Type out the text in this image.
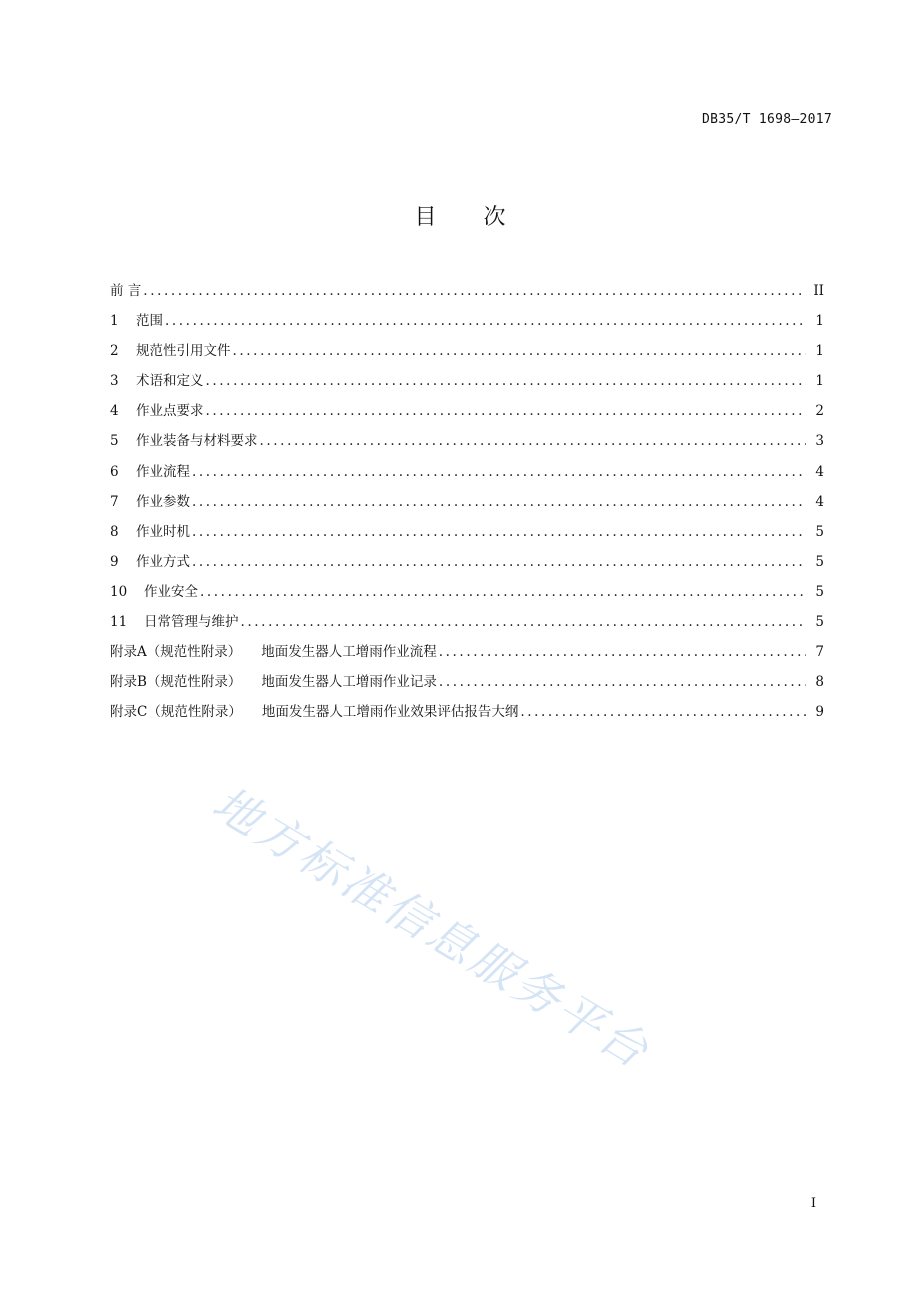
DB35/T 1698—2017
目 次
前 言 .....	II
1 范围 .....	1
2 规范性引用文件 .....	1
3 术语和定义 .....	1
4 作业点要求 .....	2
5 作业装备与材料要求 .....	3
6 作业流程 .....	4
7 作业参数 .....	4
8 作业时机 .....	5
9 作业方式 .....	5
10 作业安全 .....	5
11 日常管理与维护 .....	5
附录A（规范性附录） 地面发生器人工增雨作业流程 .....	7
附录B（规范性附录） 地面发生器人工增雨作业记录 .....	8
附录C（规范性附录） 地面发生器人工增雨作业效果评估报告大纲 .....	9
地方标准信息服务平台
I
